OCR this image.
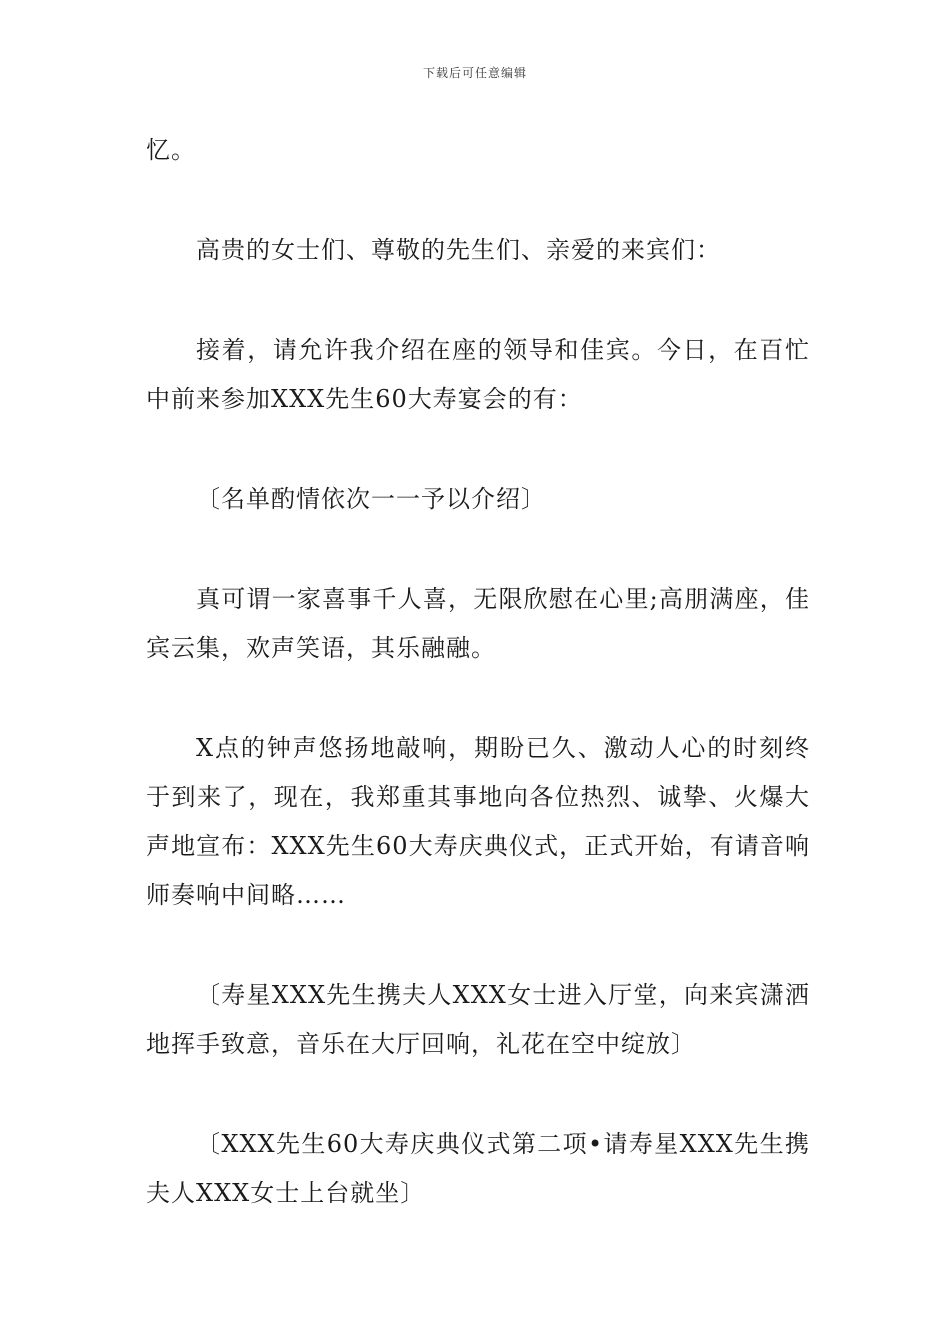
下载后可任意编辑

忆。

高贵的女士们、尊敬的先生们、亲爱的来宾们：

接着，请允许我介绍在座的领导和佳宾。今日，在百忙中前来参加XXX先生60大寿宴会的有：

〔名单酌情依次一一予以介绍〕

真可谓一家喜事千人喜，无限欣慰在心里;高朋满座，佳宾云集，欢声笑语，其乐融融。

X点的钟声悠扬地敲响，期盼已久、激动人心的时刻终于到来了，现在，我郑重其事地向各位热烈、诚挚、火爆大声地宣布：XXX先生60大寿庆典仪式，正式开始，有请音响师奏响中间略……

〔寿星XXX先生携夫人XXX女士进入厅堂，向来宾潇洒地挥手致意，音乐在大厅回响，礼花在空中绽放〕

〔XXX先生60大寿庆典仪式第二项•请寿星XXX先生携夫人XXX女士上台就坐〕
